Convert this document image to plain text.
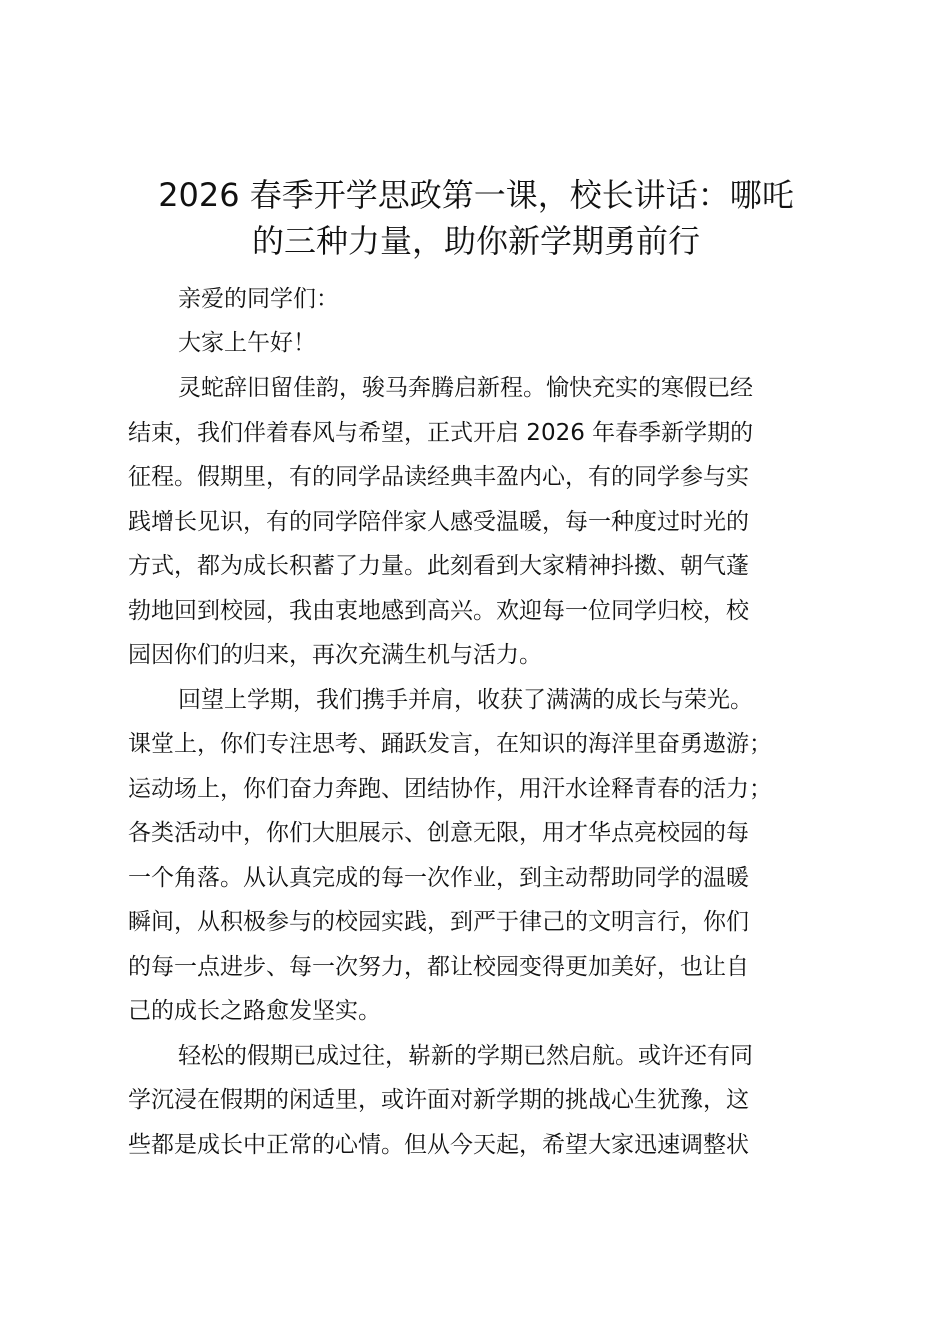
2026 春季开学思政第一课，校长讲话：哪吒
的三种力量，助你新学期勇前行

亲爱的同学们：

大家上午好！

灵蛇辞旧留佳韵，骏马奔腾启新程。愉快充实的寒假已经

结束，我们伴着春风与希望，正式开启 2026 年春季新学期的

征程。假期里，有的同学品读经典丰盈内心，有的同学参与实

践增长见识，有的同学陪伴家人感受温暖，每一种度过时光的

方式，都为成长积蓄了力量。此刻看到大家精神抖擞、朝气蓬

勃地回到校园，我由衷地感到高兴。欢迎每一位同学归校，校

园因你们的归来，再次充满生机与活力。

回望上学期，我们携手并肩，收获了满满的成长与荣光。

课堂上，你们专注思考、踊跃发言，在知识的海洋里奋勇遨游；

运动场上，你们奋力奔跑、团结协作，用汗水诠释青春的活力；

各类活动中，你们大胆展示、创意无限，用才华点亮校园的每

一个角落。从认真完成的每一次作业，到主动帮助同学的温暖

瞬间，从积极参与的校园实践，到严于律己的文明言行，你们

的每一点进步、每一次努力，都让校园变得更加美好，也让自

己的成长之路愈发坚实。

轻松的假期已成过往，崭新的学期已然启航。或许还有同

学沉浸在假期的闲适里，或许面对新学期的挑战心生犹豫，这

些都是成长中正常的心情。但从今天起，希望大家迅速调整状
